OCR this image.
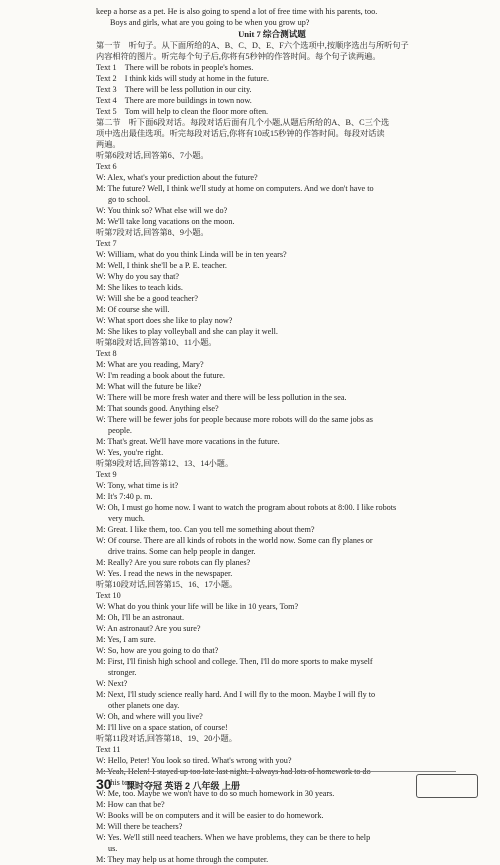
keep a horse as a pet. He is also going to spend a lot of free time with his parents, too.
Boys and girls, what are you going to be when you grow up?
Unit 7 综合测试题
第一节　听句子。从下面所给的A、B、C、D、E、F六个选项中,按顺序选出与所听句子
内容相符的图片。听完每个句子后,你将有5秒钟的作答时间。每个句子读两遍。
Text 1　There will be robots in people's homes.
Text 2　I think kids will study at home in the future.
Text 3　There will be less pollution in our city.
Text 4　There are more buildings in town now.
Text 5　Tom will help to clean the floor more often.
第二节　听下面6段对话。每段对话后面有几个小题,从题后所给的A、B、C三个选
项中选出最佳选项。听完每段对话后,你将有10或15秒钟的作答时间。每段对话读
两遍。
听第6段对话,回答第6、7小题。
Text 6
W: Alex, what's your prediction about the future?
M: The future? Well, I think we'll study at home on computers. And we don't have to
go to school.
W: You think so? What else will we do?
M: We'll take long vacations on the moon.
听第7段对话,回答第8、9小题。
Text 7
W: William, what do you think Linda will be in ten years?
M: Well, I think she'll be a P. E. teacher.
W: Why do you say that?
M: She likes to teach kids.
W: Will she be a good teacher?
M: Of course she will.
W: What sport does she like to play now?
M: She likes to play volleyball and she can play it well.
听第8段对话,回答第10、11小题。
Text 8
M: What are you reading, Mary?
W: I'm reading a book about the future.
M: What will the future be like?
W: There will be more fresh water and there will be less pollution in the sea.
M: That sounds good. Anything else?
W: There will be fewer jobs for people because more robots will do the same jobs as
people.
M: That's great. We'll have more vacations in the future.
W: Yes, you're right.
听第9段对话,回答第12、13、14小题。
Text 9
W: Tony, what time is it?
M: It's 7:40 p. m.
W: Oh, I must go home now. I want to watch the program about robots at 8:00. I like robots
very much.
M: Great. I like them, too. Can you tell me something about them?
W: Of course. There are all kinds of robots in the world now. Some can fly planes or
drive trains. Some can help people in danger.
M: Really? Are you sure robots can fly planes?
W: Yes. I read the news in the newspaper.
听第10段对话,回答第15、16、17小题。
Text 10
W: What do you think your life will be like in 10 years, Tom?
M: Oh, I'll be an astronaut.
W: An astronaut? Are you sure?
M: Yes, I am sure.
W: So, how are you going to do that?
M: First, I'll finish high school and college. Then, I'll do more sports to make myself
stronger.
W: Next?
M: Next, I'll study science really hard. And I will fly to the moon. Maybe I will fly to
other planets one day.
W: Oh, and where will you live?
M: I'll live on a space station, of course!
听第11段对话,回答第18、19、20小题。
Text 11
W: Hello, Peter! You look so tired. What's wrong with you?
this term.
W: Me, too. Maybe we won't have to do so much homework in 30 years.
M: How can that be?
W: Books will be on computers and it will be easier to do homework.
M: Will there be teachers?
W: Yes. We'll still need teachers. When we have problems, they can be there to help
us.
M: They may help us at home through the computer.
30 课时夺冠 英语 2 八年级 上册
